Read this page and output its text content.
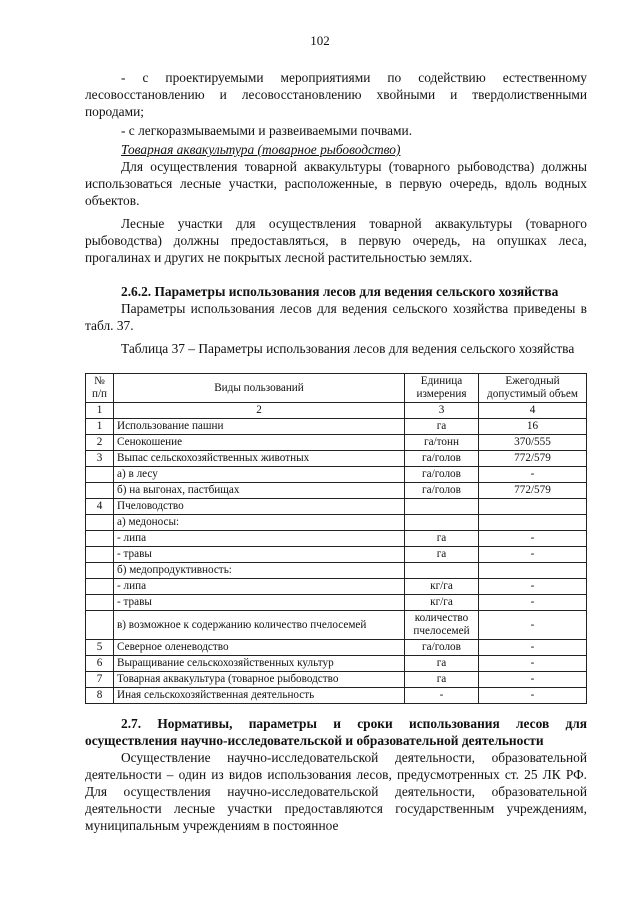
102

- с проектируемыми мероприятиями по содействию естественному лесовосстановлению и лесовосстановлению хвойными и твердолиственными породами;

- с легкоразмываемыми и развеиваемыми почвами.

Товарная аквакультура (товарное рыбоводство)

Для осуществления товарной аквакультуры (товарного рыбоводства) должны использоваться лесные участки, расположенные, в первую очередь, вдоль водных объектов.

Лесные участки для осуществления товарной аквакультуры (товарного рыбоводства) должны предоставляться, в первую очередь, на опушках леса, прогалинах и других не покрытых лесной растительностью землях.

2.6.2. Параметры использования лесов для ведения сельского хозяйства

Параметры использования лесов для ведения сельского хозяйства приведены в табл. 37.

Таблица 37 – Параметры использования лесов для ведения сельского хозяйства
№ п/п	Виды пользований	Единица измерения	Ежегодный допустимый объем
1	2	3	4
1	Использование пашни	га	16
2	Сенокошение	га/тонн	370/555
3	Выпас сельскохозяйственных животных	га/голов	772/579
	а) в лесу	га/голов	-
	б) на выгонах, пастбищах	га/голов	772/579
4	Пчеловодство		
	а) медоносы:		
	- липа	га	-
	- травы	га	-
	б) медопродуктивность:		
	- липа	кг/га	-
	- травы	кг/га	-
	в) возможное к содержанию количество пчелосемей	количество пчелосемей	-
5	Северное оленеводство	га/голов	-
6	Выращивание сельскохозяйственных культур	га	-
7	Товарная аквакультура (товарное рыбоводство	га	-
8	Иная сельскохозяйственная деятельность	-	-

2.7. Нормативы, параметры и сроки использования лесов для осуществления научно-исследовательской и образовательной деятельности

Осуществление научно-исследовательской деятельности, образовательной деятельности – один из видов использования лесов, предусмотренных ст. 25 ЛК РФ. Для осуществления научно-исследовательской деятельности, образовательной деятельности лесные участки предоставляются государственным учреждениям, муниципальным учреждениям в постоянное
